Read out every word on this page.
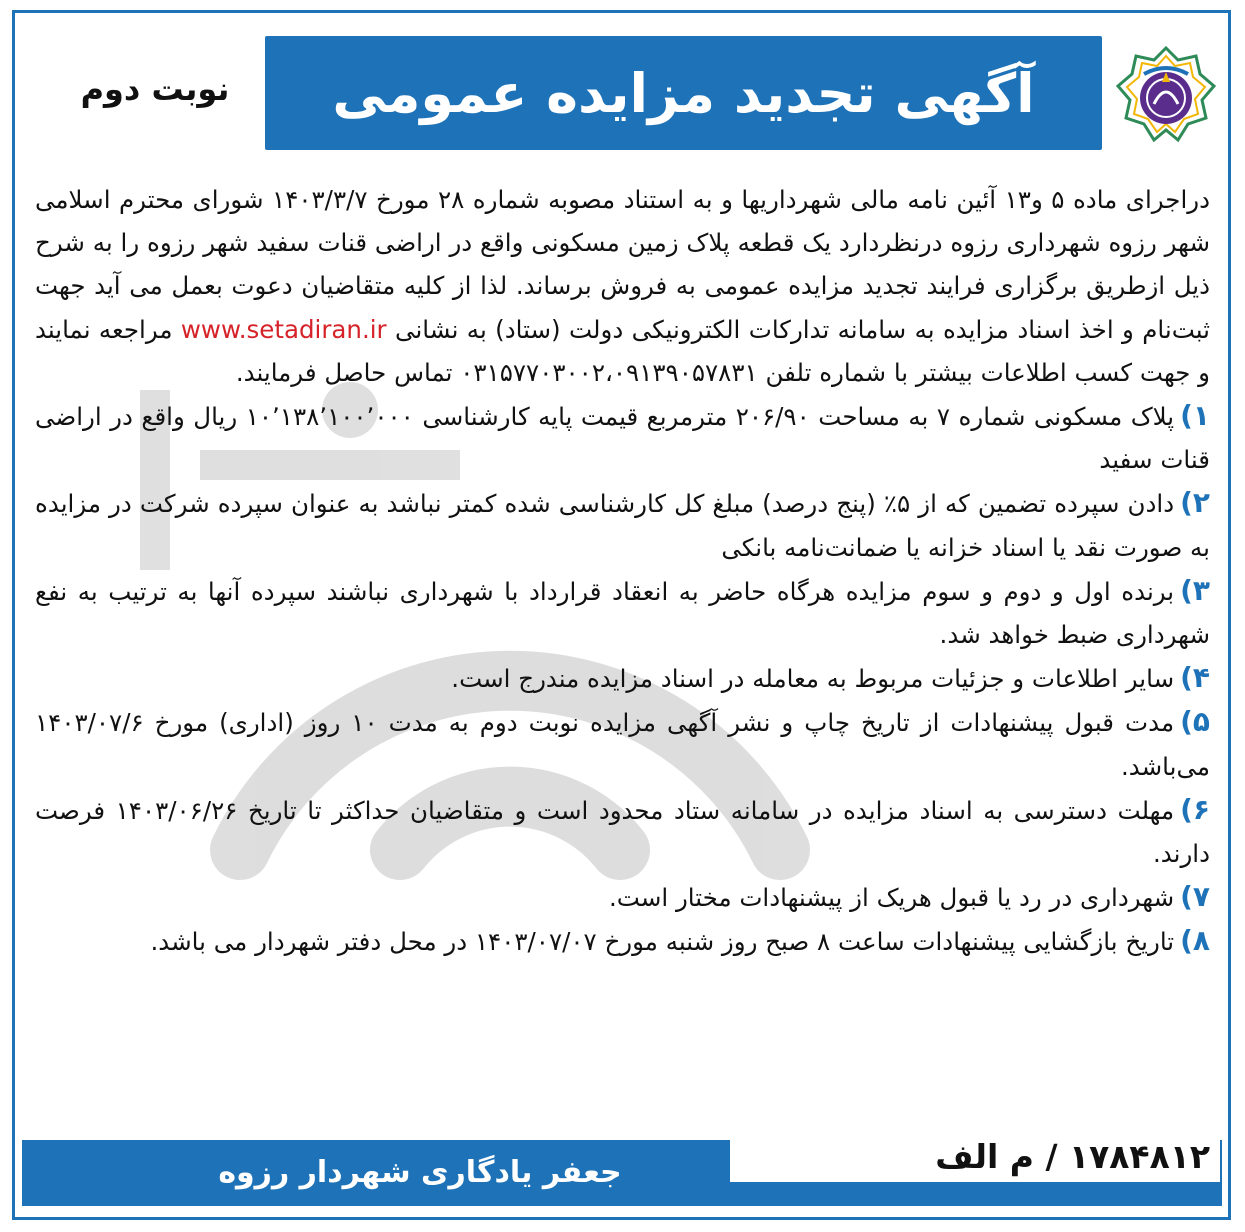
آگهی تجدید مزایده عمومی
نوبت دوم

دراجرای ماده ۵ و۱۳ آئین نامه مالی شهرداریها و به استناد مصوبه شماره ۲۸ مورخ ۱۴۰۳/۳/۷ شورای محترم اسلامی شهر رزوه شهرداری رزوه درنظردارد یک قطعه پلاک زمین مسکونی واقع در اراضی قنات سفید شهر رزوه را به شرح ذیل ازطریق برگزاری فرایند تجدید مزایده عمومی به فروش برساند. لذا از کلیه متقاضیان دعوت بعمل می آید جهت ثبت‌نام و اخذ اسناد مزایده به سامانه تدارکات الکترونیکی دولت (ستاد) به نشانی www.setadiran.ir مراجعه نمایند و جهت کسب اطلاعات بیشتر با شماره تلفن ۰۳۱۵۷۷۰۳۰۰۲،۰۹۱۳۹۰۵۷۸۳۱ تماس حاصل فرمایند.

۱)پلاک مسکونی شماره ۷ به مساحت ۲۰۶/۹۰ مترمربع قیمت پایه کارشناسی ۱۰٬۱۳۸٬۱۰۰٬۰۰۰ ریال واقع در اراضی قنات سفید

۲)دادن سپرده تضمین که از ۵٪ (پنج درصد) مبلغ کل کارشناسی شده کمتر نباشد به عنوان سپرده شرکت در مزایده به صورت نقد یا اسناد خزانه یا ضمانت‌نامه بانکی

۳)برنده اول و دوم و سوم مزایده هرگاه حاضر به انعقاد قرارداد با شهرداری نباشند سپرده آنها به ترتیب به نفع شهرداری ضبط خواهد شد.

۴)سایر اطلاعات و جزئیات مربوط به معامله در اسناد مزایده مندرج است.

۵)مدت قبول پیشنهادات از تاریخ چاپ و نشر آگهی مزایده نوبت دوم به مدت ۱۰ روز (اداری) مورخ ۱۴۰۳/۰۷/۶ می‌باشد.

۶)مهلت دسترسی به اسناد مزایده در سامانه ستاد محدود است و متقاضیان حداکثر تا تاریخ ۱۴۰۳/۰۶/۲۶ فرصت دارند.

۷)شهرداری در رد یا قبول هریک از پیشنهادات مختار است.

۸)تاریخ بازگشایی پیشنهادات ساعت ۸ صبح روز شنبه مورخ ۱۴۰۳/۰۷/۰۷ در محل دفتر شهردار می باشد.

۱۷۸۴۸۱۲ / م الف
جعفر یادگاری شهردار رزوه
